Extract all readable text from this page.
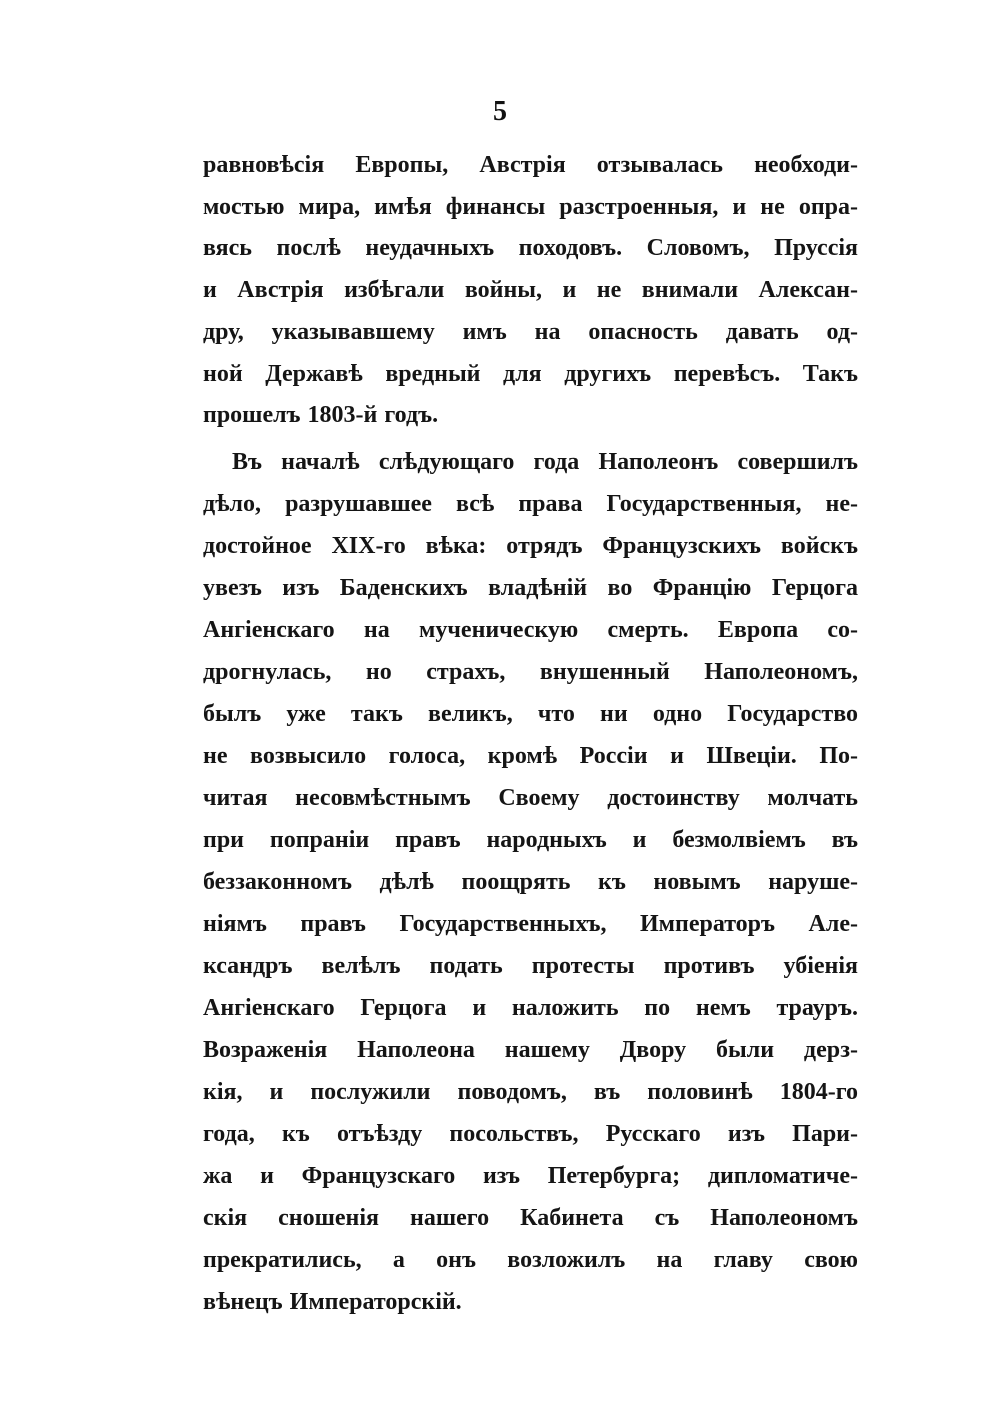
5
равновѣсія Европы, Австрія отзывалась необходи-
мостью мира, имѣя финансы разстроенныя, и не опра-
вясь послѣ неудачныхъ походовъ. Словомъ, Пруссія
и Австрія избѣгали войны, и не внимали Алексан-
дру, указывавшему имъ на опасность давать од-
ной Державѣ вредный для другихъ перевѣсъ. Такъ
прошелъ 1803-й годъ.
Въ началѣ слѣдующаго года Наполеонъ совершилъ
дѣло, разрушавшее всѣ права Государственныя, не-
достойное XIX-го вѣка: отрядъ Французскихъ войскъ
увезъ изъ Баденскихъ владѣній во Францію Герцога
Ангіенскаго на мученическую смерть. Европа со-
дрогнулась, но страхъ, внушенный Наполеономъ,
былъ уже такъ великъ, что ни одно Государство
не возвысило голоса, кромѣ Россіи и Швеціи. По-
читая несовмѣстнымъ Своему достоинству молчать
при попраніи правъ народныхъ и безмолвіемъ въ
беззаконномъ дѣлѣ поощрять къ новымъ наруше-
ніямъ правъ Государственныхъ, Императоръ Але-
ксандръ велѣлъ подать протесты противъ убіенія
Ангіенскаго Герцога и наложить по немъ трауръ.
Возраженія Наполеона нашему Двору были дерз-
кія, и послужили поводомъ, въ половинѣ 1804-го
года, къ отъѣзду посольствъ, Русскаго изъ Пари-
жа и Французскаго изъ Петербурга; дипломатиче-
скія сношенія нашего Кабинета съ Наполеономъ
прекратились, а онъ возложилъ на главу свою
вѣнецъ Императорскій.
